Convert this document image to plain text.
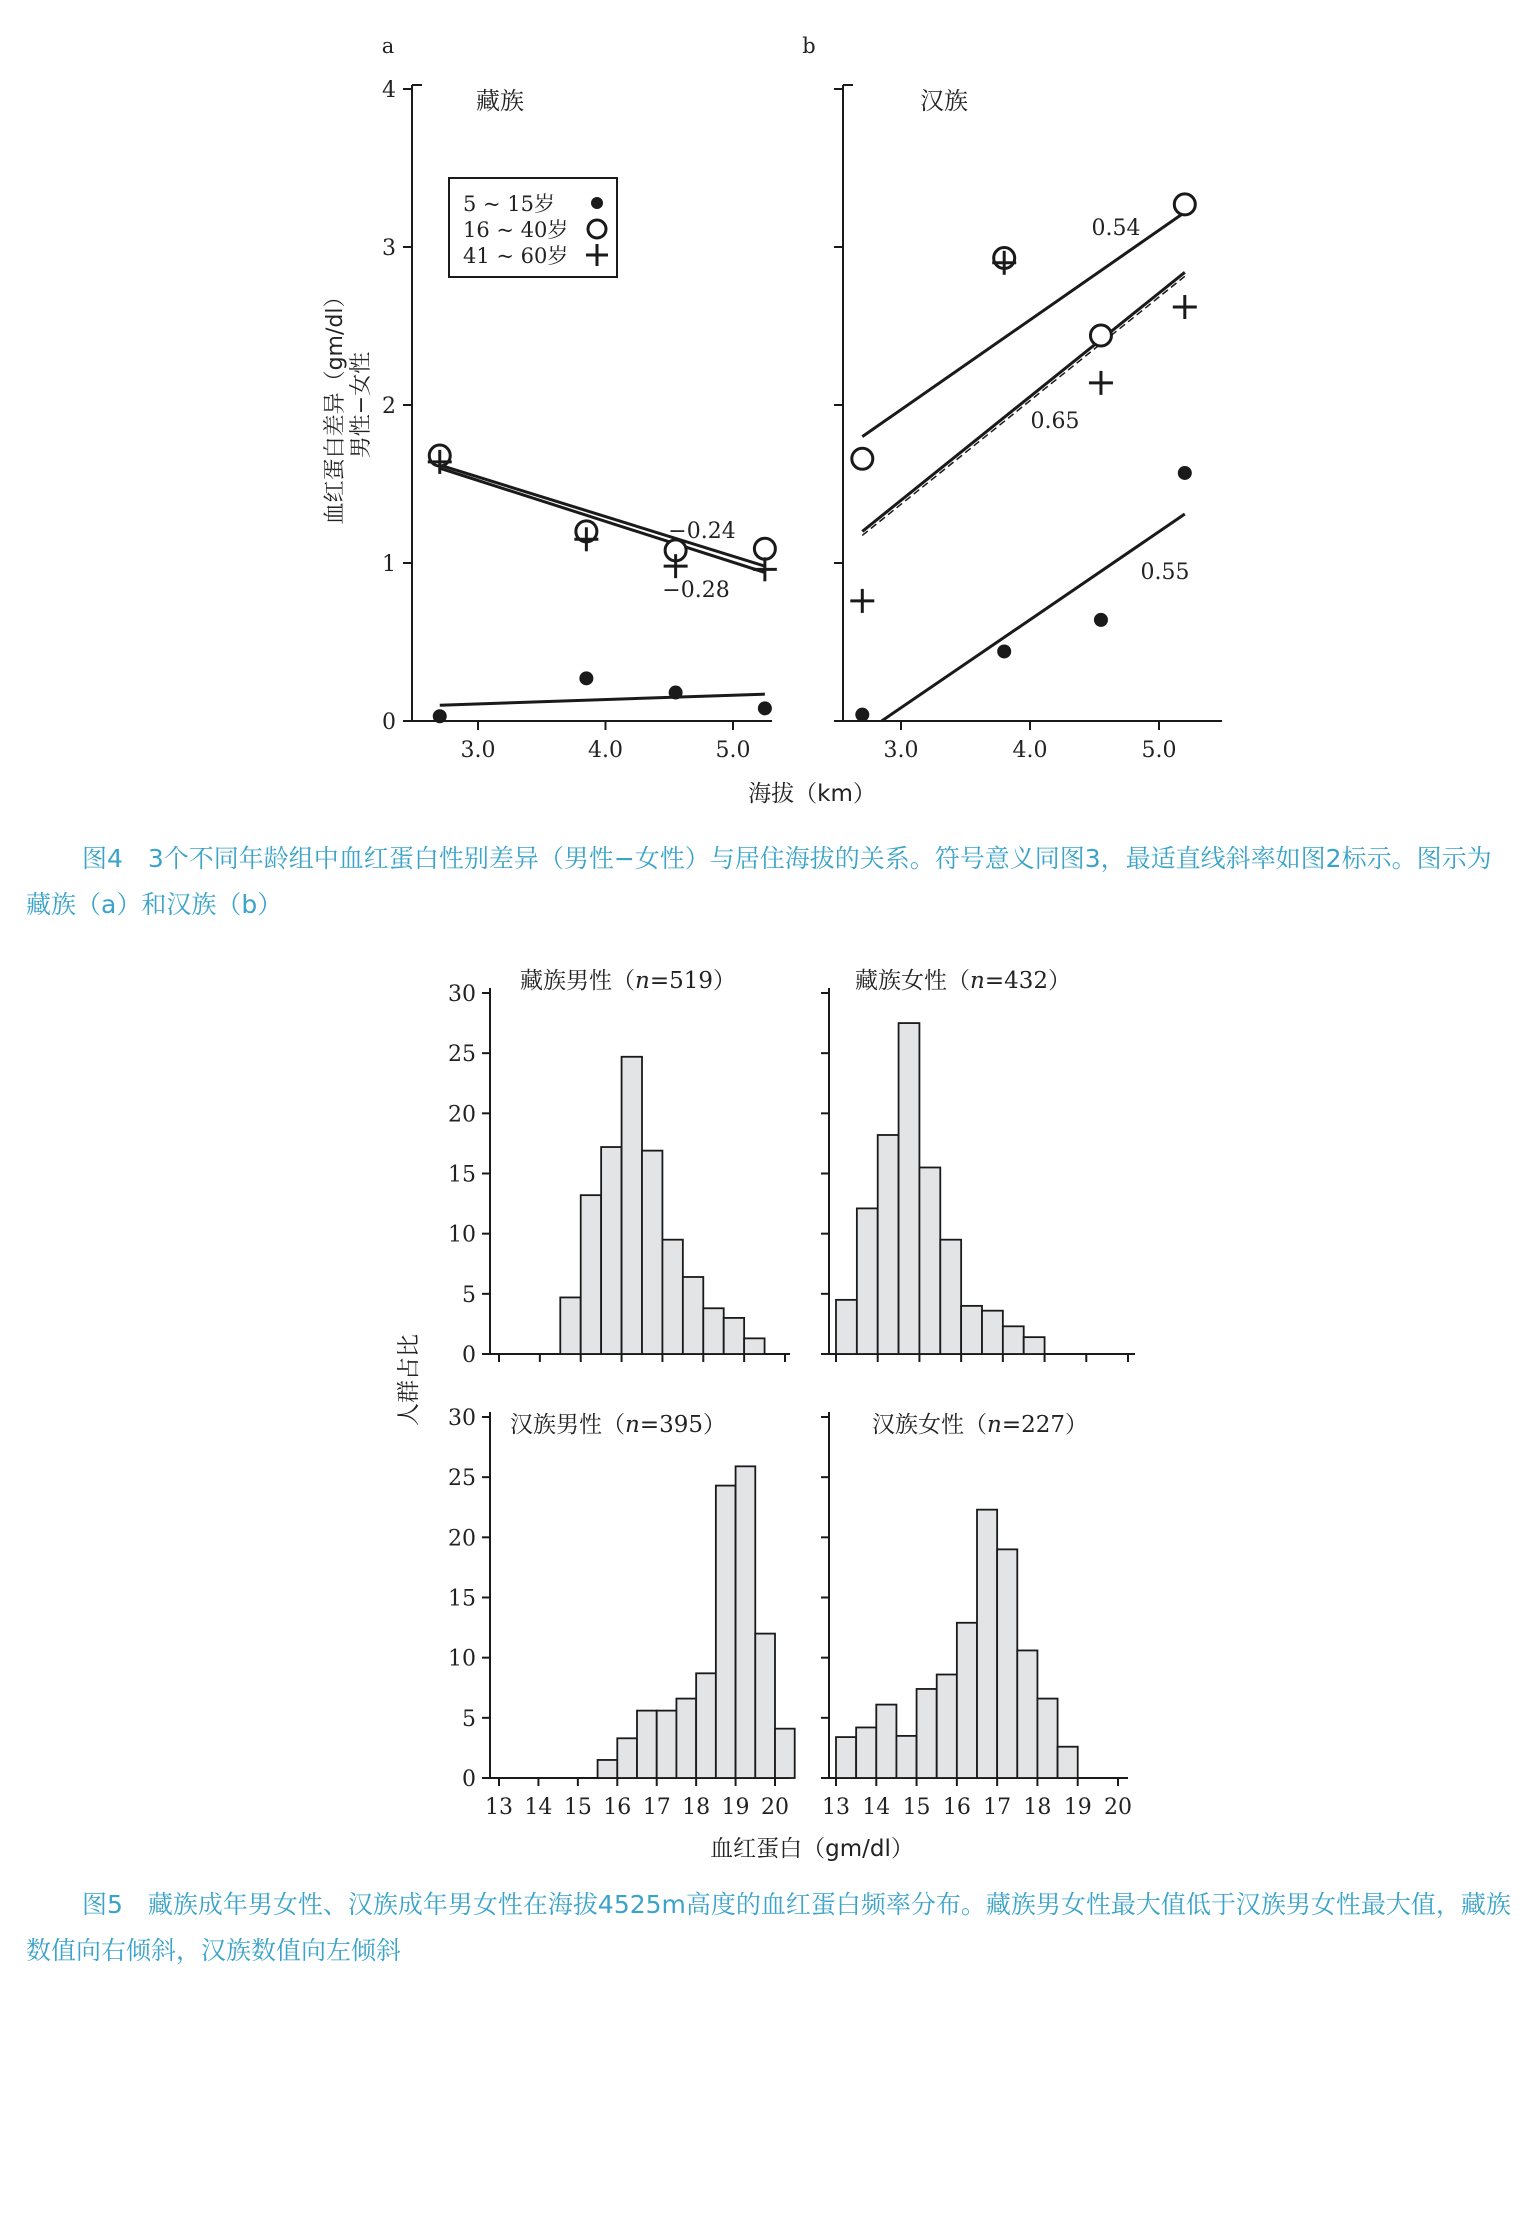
0
1
2
3
4
3.0	4.0	5.0
a
藏族
−0.24
−0.28
3.0	4.0	5.0
b
汉族
0.55
0.54
0.65
5 ~ 15岁
16 ~ 40岁
41 ~ 60岁
血红蛋白差异（gm/dl） 男性−女性
海拔（km）
0
5
10
15
20
25
30
藏族男性（n=519）	藏族女性（n=432）
0
5
10
15
20
25
30
13 14 15 16 17 18 19 20
汉族男性（n=395）
13 14 15 16 17 18 19 20
汉族女性（n=227）
人群占比
血红蛋白（gm/dl）

图4　3个不同年龄组中血红蛋白性别差异（男性−女性）与居住海拔的关系。符号意义同图3，最适直线斜率如图2标示。图示为藏族（a）和汉族（b）

图5　藏族成年男女性、汉族成年男女性在海拔4525m高度的血红蛋白频率分布。藏族男女性最大值低于汉族男女性最大值，藏族数值向右倾斜，汉族数值向左倾斜
